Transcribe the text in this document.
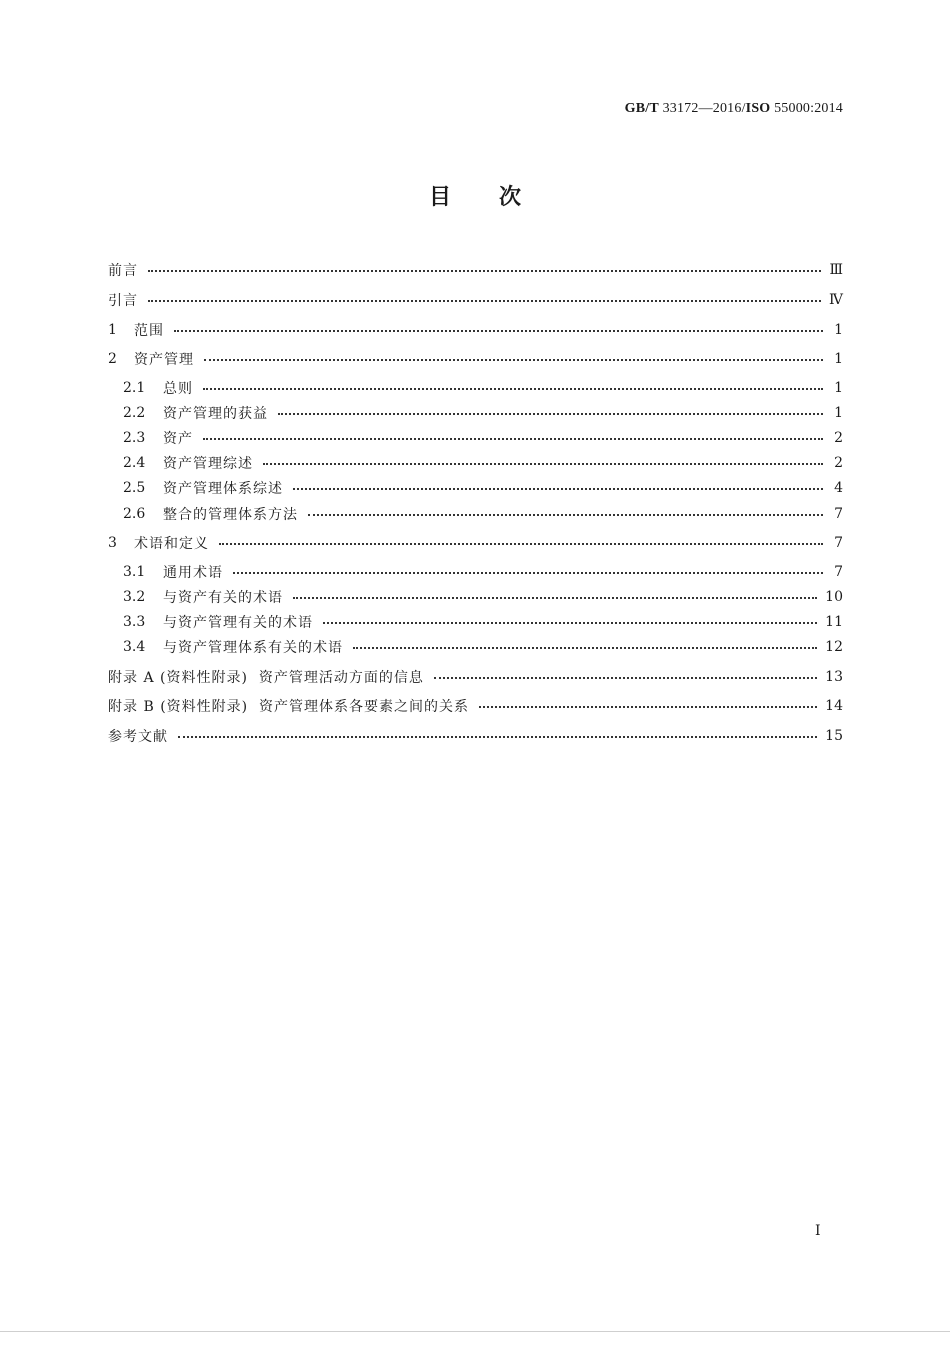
GB/T 33172—2016/ISO 55000:2014
目次
前言	Ⅲ
引言	Ⅳ
1	范围	1
2	资产管理	1
2.1	总则	1
2.2	资产管理的获益	1
2.3	资产	2
2.4	资产管理综述	2
2.5	资产管理体系综述	4
2.6	整合的管理体系方法	7
3	术语和定义	7
3.1	通用术语	7
3.2	与资产有关的术语	10
3.3	与资产管理有关的术语	11
3.4	与资产管理体系有关的术语	12
附录 A (资料性附录)  资产管理活动方面的信息	13
附录 B (资料性附录)  资产管理体系各要素之间的关系	14
参考文献	15
I
